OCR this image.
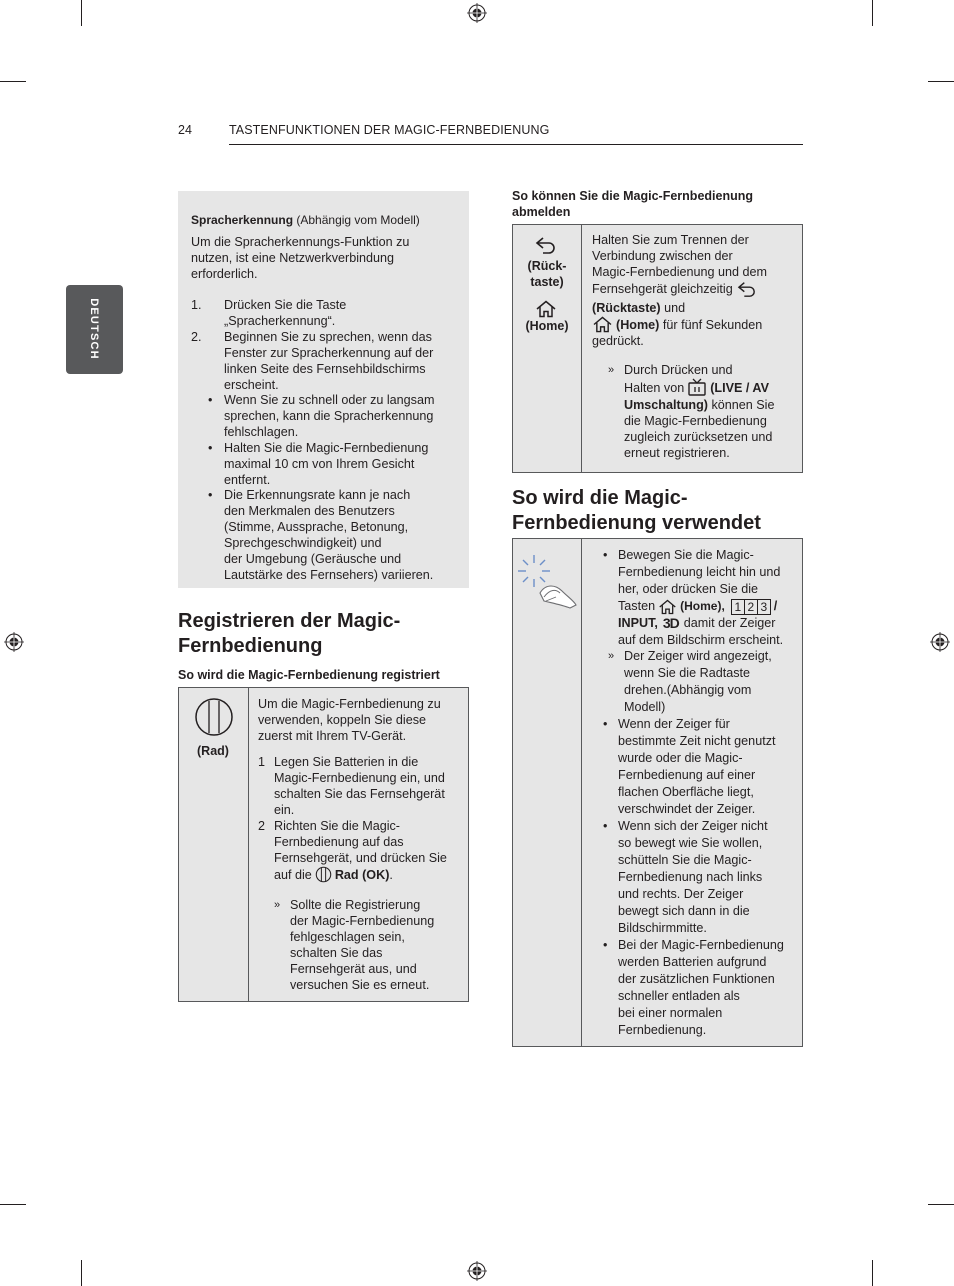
24	TASTENFUNKTIONEN DER MAGIC-FERNBEDIENUNG
DEUTSCH
Spracherkennung (Abhängig vom Modell)
Um die Spracherkennungs-Funktion zu
nutzen, ist eine Netzwerkverbindung
erforderlich.
1. Drücken Sie die Taste
„Spracherkennung“.
2. Beginnen Sie zu sprechen, wenn das
Fenster zur Spracherkennung auf der
linken Seite des Fernsehbildschirms
erscheint.
• Wenn Sie zu schnell oder zu langsam
sprechen, kann die Spracherkennung
fehlschlagen.
• Halten Sie die Magic-Fernbedienung
maximal 10 cm von Ihrem Gesicht
entfernt.
• Die Erkennungsrate kann je nach
den Merkmalen des Benutzers
(Stimme, Aussprache, Betonung,
Sprechgeschwindigkeit) und
der Umgebung (Geräusche und
Lautstärke des Fernsehers) variieren.
Registrieren der Magic-
Fernbedienung
So wird die Magic-Fernbedienung registriert
(Rad)
Um die Magic-Fernbedienung zu
verwenden, koppeln Sie diese
zuerst mit Ihrem TV-Gerät.
1 Legen Sie Batterien in die
Magic-Fernbedienung ein, und
schalten Sie das Fernsehgerät
ein.
2 Richten Sie die Magic-
Fernbedienung auf das
Fernsehgerät, und drücken Sie
auf die Rad (OK) .
» Sollte die Registrierung
der Magic-Fernbedienung
fehlgeschlagen sein,
schalten Sie das
Fernsehgerät aus, und
versuchen Sie es erneut.
So können Sie die Magic-Fernbedienung
abmelden
(Rück-
taste)
(Home)
Halten Sie zum Trennen der
Verbindung zwischen der
Magic-Fernbedienung und dem
Fernsehgerät gleichzeitig
(Rücktaste) und
(Home)
für fünf Sekunden
gedrückt.
» Durch Drücken und
Halten von (LIVE / AV
Umschaltung) können Sie
die Magic-Fernbedienung
zugleich zurücksetzen und
erneut registrieren.
So wird die Magic-
Fernbedienung verwendet
• Bewegen Sie die Magic-
Fernbedienung leicht hin und
her, oder drücken Sie die
Tasten (Home), 1 2 3 /
INPUT, 3D damit der Zeiger
auf dem Bildschirm erscheint.
» Der Zeiger wird angezeigt,
wenn Sie die Radtaste
drehen.(Abhängig vom
Modell)
• Wenn der Zeiger für
bestimmte Zeit nicht genutzt
wurde oder die Magic-
Fernbedienung auf einer
flachen Oberfläche liegt,
verschwindet der Zeiger.
• Wenn sich der Zeiger nicht
so bewegt wie Sie wollen,
schütteln Sie die Magic-
Fernbedienung nach links
und rechts. Der Zeiger
bewegt sich dann in die
Bildschirmmitte.
• Bei der Magic-Fernbedienung
werden Batterien aufgrund
der zusätzlichen Funktionen
schneller entladen als
bei einer normalen
Fernbedienung.
